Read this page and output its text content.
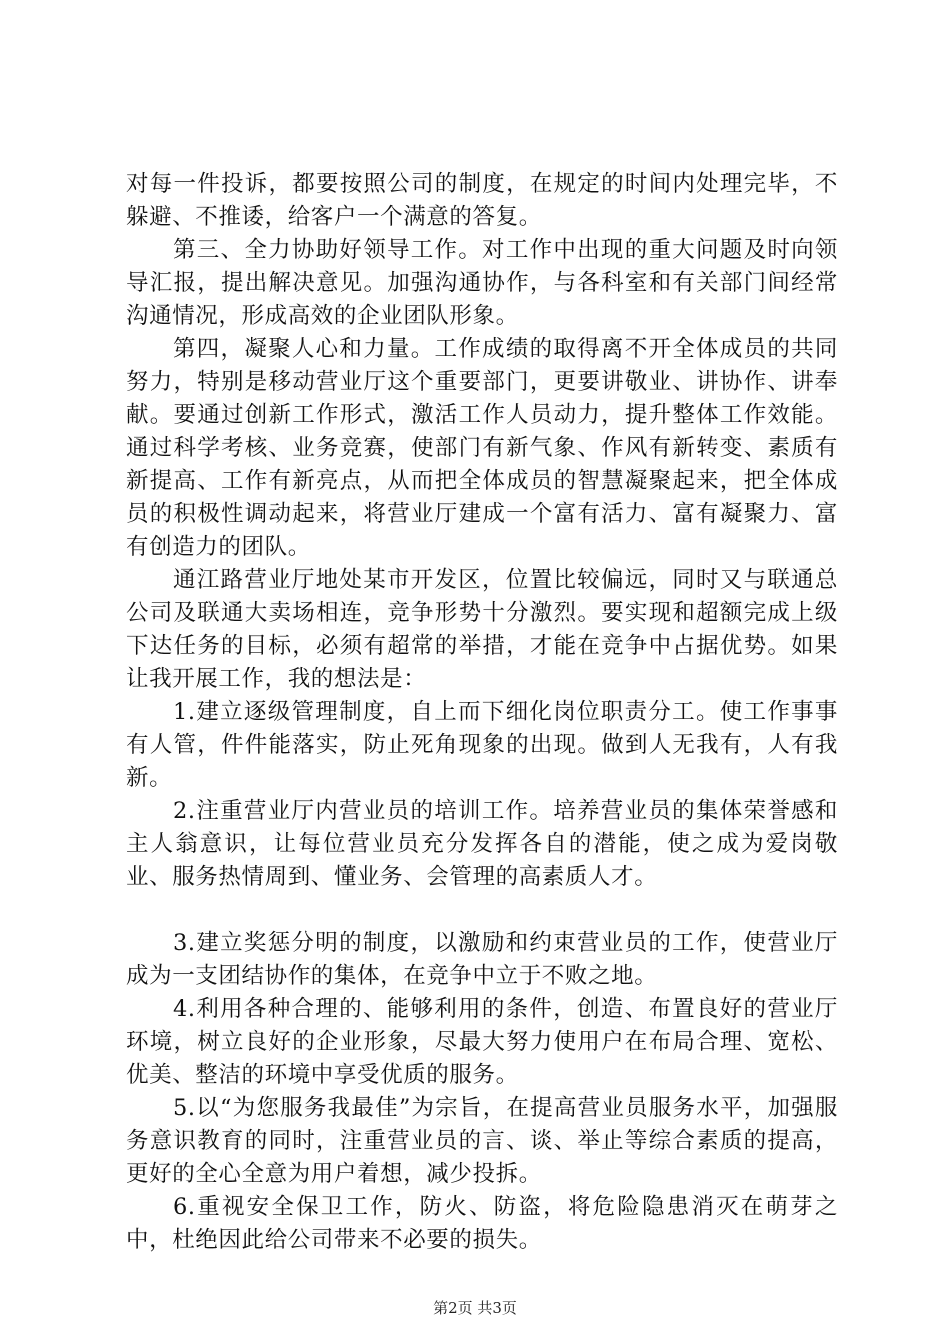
对每一件投诉，都要按照公司的制度，在规定的时间内处理完毕，不躲避、不推诿，给客户一个满意的答复。

第三、全力协助好领导工作。对工作中出现的重大问题及时向领导汇报，提出解决意见。加强沟通协作，与各科室和有关部门间经常沟通情况，形成高效的企业团队形象。

第四，凝聚人心和力量。工作成绩的取得离不开全体成员的共同努力，特别是移动营业厅这个重要部门，更要讲敬业、讲协作、讲奉献。要通过创新工作形式，激活工作人员动力，提升整体工作效能。通过科学考核、业务竞赛，使部门有新气象、作风有新转变、素质有新提高、工作有新亮点，从而把全体成员的智慧凝聚起来，把全体成员的积极性调动起来，将营业厅建成一个富有活力、富有凝聚力、富有创造力的团队。

通江路营业厅地处某市开发区，位置比较偏远，同时又与联通总公司及联通大卖场相连，竞争形势十分激烈。要实现和超额完成上级下达任务的目标，必须有超常的举措，才能在竞争中占据优势。如果让我开展工作，我的想法是：

1.建立逐级管理制度，自上而下细化岗位职责分工。使工作事事有人管，件件能落实，防止死角现象的出现。做到人无我有，人有我新。

2.注重营业厅内营业员的培训工作。培养营业员的集体荣誉感和主人翁意识，让每位营业员充分发挥各自的潜能，使之成为爱岗敬业、服务热情周到、懂业务、会管理的高素质人才。

3.建立奖惩分明的制度，以激励和约束营业员的工作，使营业厅成为一支团结协作的集体，在竞争中立于不败之地。

4.利用各种合理的、能够利用的条件，创造、布置良好的营业厅环境，树立良好的企业形象，尽最大努力使用户在布局合理、宽松、优美、整洁的环境中享受优质的服务。

5.以“为您服务我最佳”为宗旨，在提高营业员服务水平，加强服务意识教育的同时，注重营业员的言、谈、举止等综合素质的提高，更好的全心全意为用户着想，减少投拆。

6.重视安全保卫工作，防火、防盗，将危险隐患消灭在萌芽之中，杜绝因此给公司带来不必要的损失。

第2页 共3页
